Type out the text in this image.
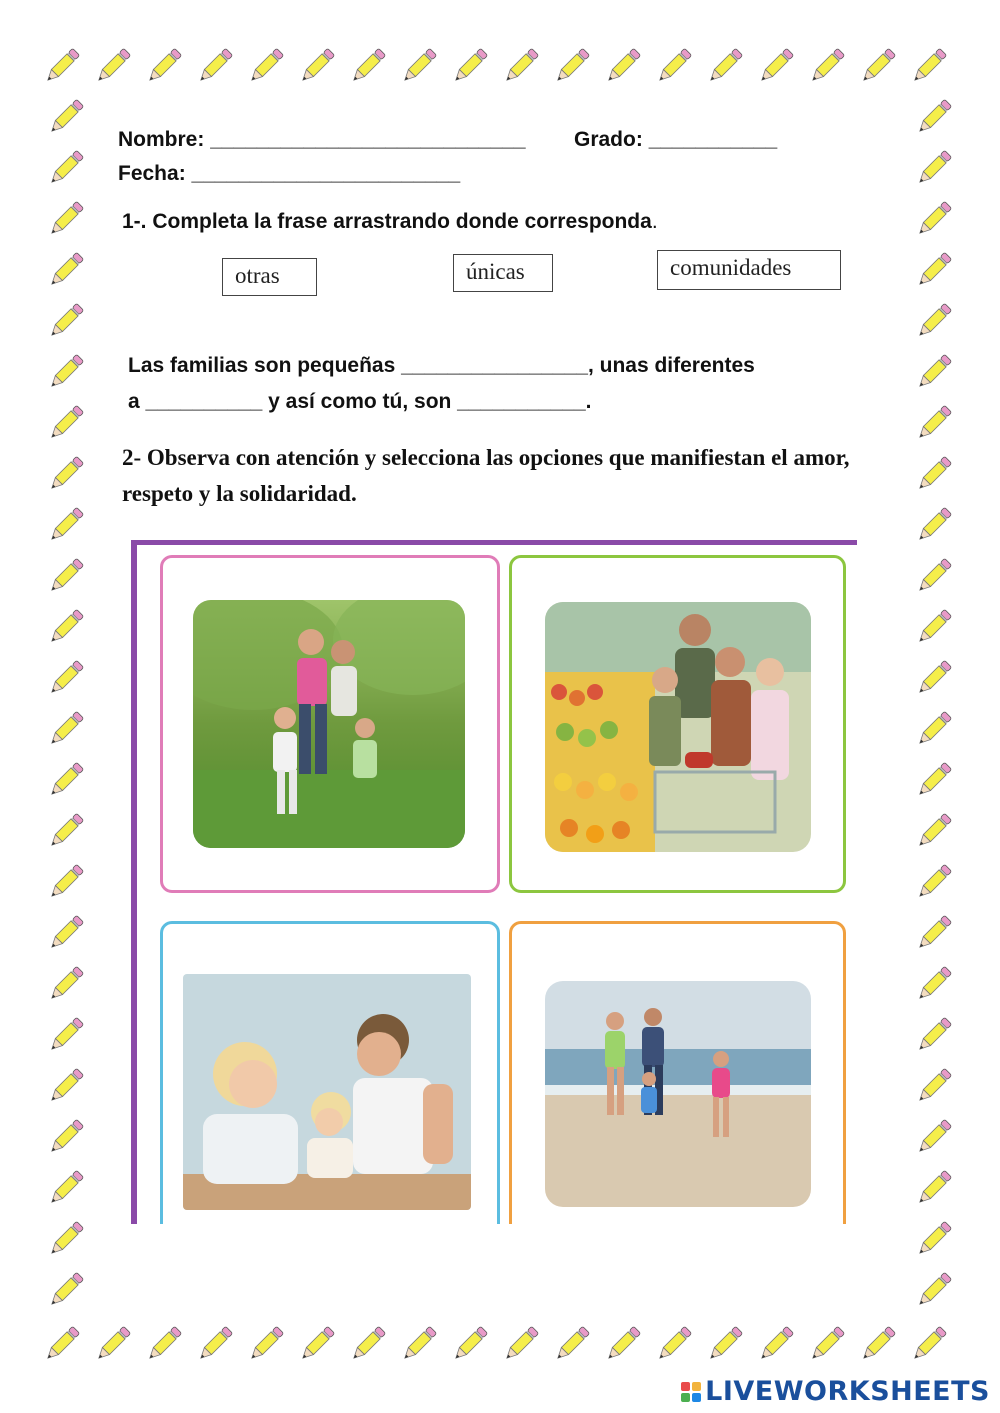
Nombre: ___________________________ Grado: ___________
Fecha: _______________________
1-. Completa la frase arrastrando donde corresponda.
otras	únicas	comunidades
Las familias son pequeñas ________________, unas diferentes
a __________ y así como tú, son ___________.
2- Observa con atención y selecciona las opciones que manifiestan el amor, respeto y la solidaridad.
LIVEWORKSHEETS
